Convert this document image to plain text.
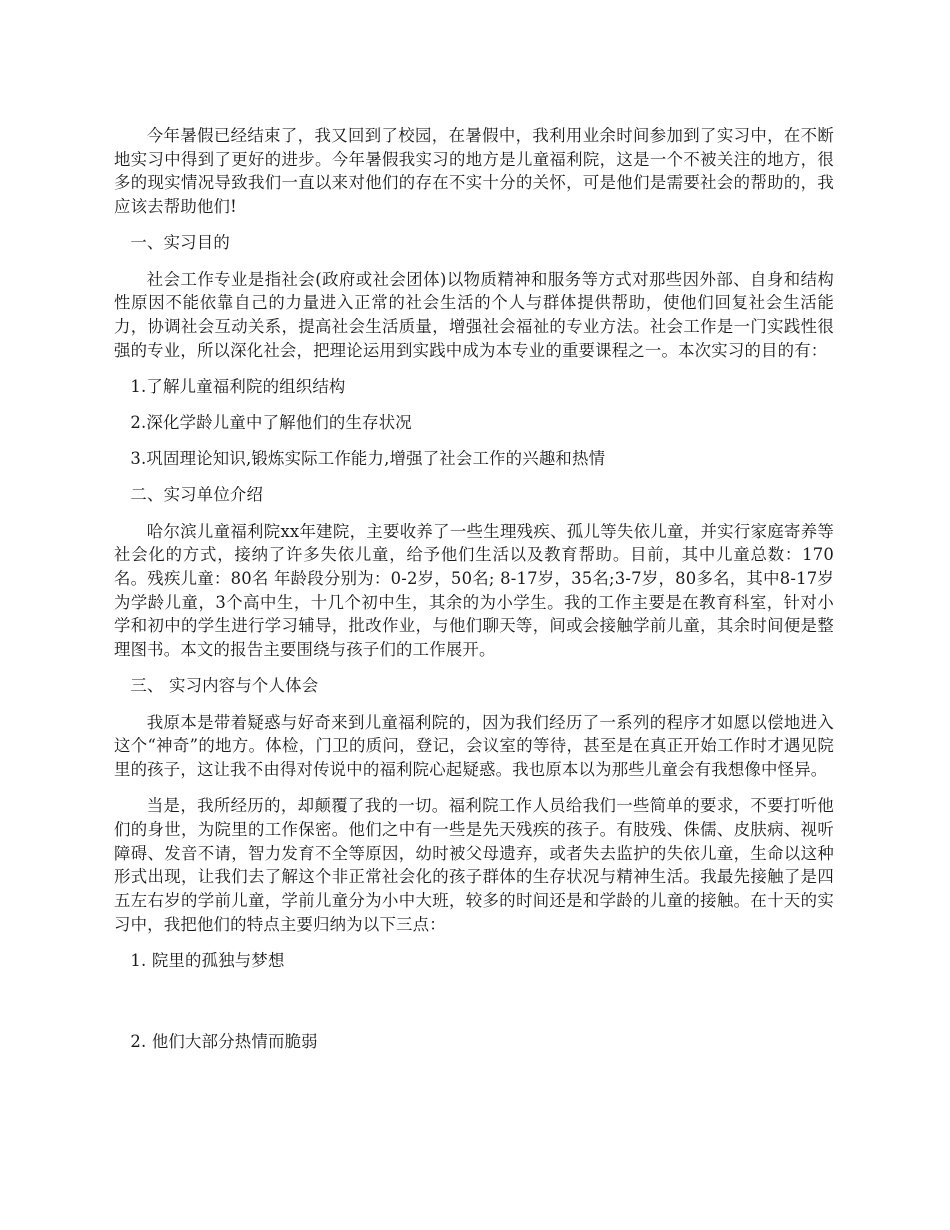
今年暑假已经结束了，我又回到了校园，在暑假中，我利用业余时间参加到了实习中，在不断地实习中得到了更好的进步。今年暑假我实习的地方是儿童福利院，这是一个不被关注的地方，很多的现实情况导致我们一直以来对他们的存在不实十分的关怀，可是他们是需要社会的帮助的，我应该去帮助他们!

一、实习目的

社会工作专业是指社会(政府或社会团体)以物质精神和服务等方式对那些因外部、自身和结构性原因不能依靠自己的力量进入正常的社会生活的个人与群体提供帮助，使他们回复社会生活能力，协调社会互动关系，提高社会生活质量，增强社会福祉的专业方法。社会工作是一门实践性很强的专业，所以深化社会，把理论运用到实践中成为本专业的重要课程之一。本次实习的目的有：

1.了解儿童福利院的组织结构

2.深化学龄儿童中了解他们的生存状况

3.巩固理论知识,锻炼实际工作能力,增强了社会工作的兴趣和热情

二、实习单位介绍

哈尔滨儿童福利院xx年建院，主要收养了一些生理残疾、孤儿等失依儿童，并实行家庭寄养等社会化的方式，接纳了许多失依儿童，给予他们生活以及教育帮助。目前，其中儿童总数：170名。残疾儿童：80名 年龄段分别为：0-2岁，50名; 8-17岁，35名;3-7岁，80多名，其中8-17岁为学龄儿童，3个高中生，十几个初中生，其余的为小学生。我的工作主要是在教育科室，针对小学和初中的学生进行学习辅导，批改作业，与他们聊天等，间或会接触学前儿童，其余时间便是整理图书。本文的报告主要围绕与孩子们的工作展开。

三、 实习内容与个人体会

我原本是带着疑惑与好奇来到儿童福利院的，因为我们经历了一系列的程序才如愿以偿地进入这个“神奇”的地方。体检，门卫的质问，登记，会议室的等待，甚至是在真正开始工作时才遇见院里的孩子，这让我不由得对传说中的福利院心起疑惑。我也原本以为那些儿童会有我想像中怪异。

当是，我所经历的，却颠覆了我的一切。福利院工作人员给我们一些简单的要求，不要打听他们的身世，为院里的工作保密。他们之中有一些是先天残疾的孩子。有肢残、侏儒、皮肤病、视听障碍、发音不请，智力发育不全等原因，幼时被父母遗弃，或者失去监护的失依儿童，生命以这种形式出现，让我们去了解这个非正常社会化的孩子群体的生存状况与精神生活。我最先接触了是四五左右岁的学前儿童，学前儿童分为小中大班，较多的时间还是和学龄的儿童的接触。在十天的实习中，我把他们的特点主要归纳为以下三点：

1. 院里的孤独与梦想

2. 他们大部分热情而脆弱
